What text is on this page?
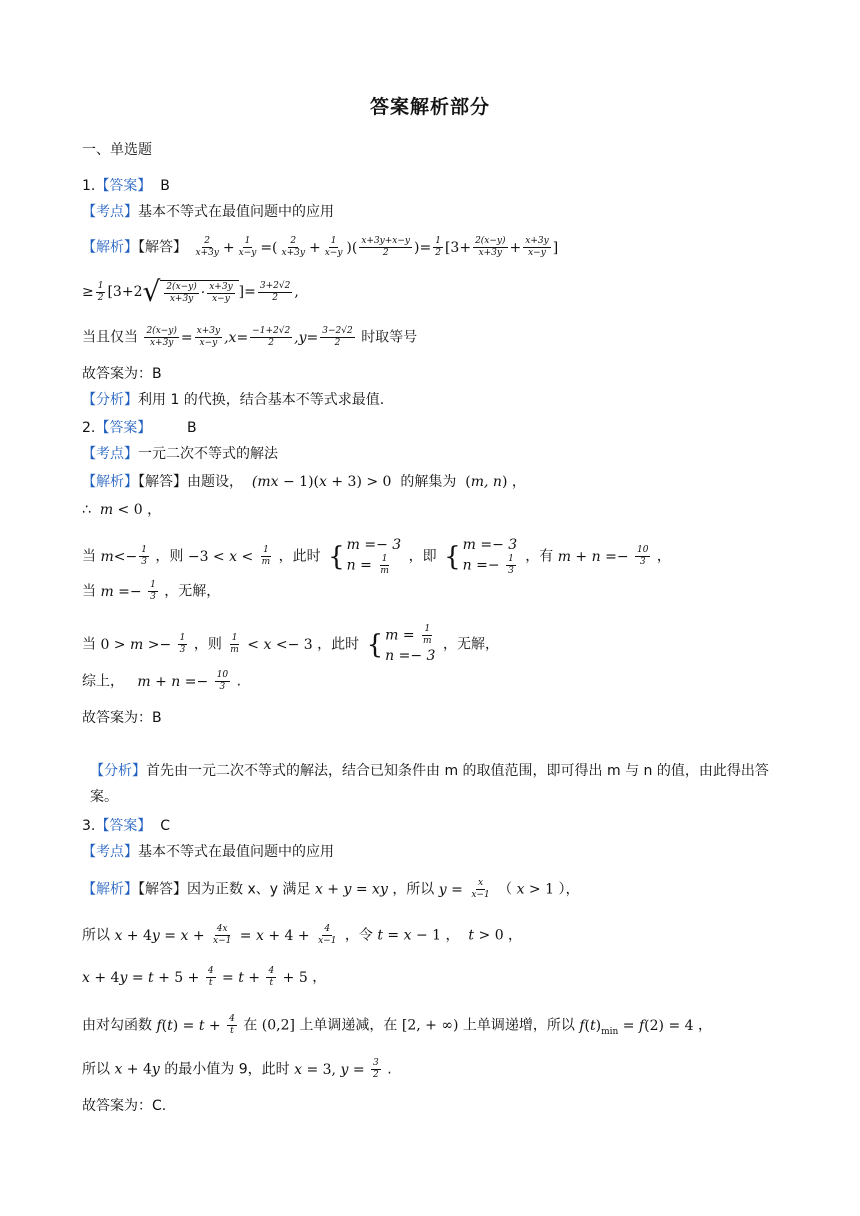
答案解析部分
一、单选题
1.【答案】 B
【考点】基本不等式在最值问题中的应用
【解析】【解答】 $\frac{2}{x+3y} + \frac{1}{x-y}$ =( $\frac{2}{x+3y} + \frac{1}{x-y}$ )( $\frac{x+3y+x-y}{2}$ )= $\frac{1}{2} [3+ \frac{2(x-y)}{x+3y} + \frac{x+3y}{x-y}$ ]
≥ $\frac{1}{2} [3+2$ √ $\frac{2(x-y)}{x+3y} \cdot \frac{x+3y}{x-y}$ ]= $\frac{3+2√2}{2}$ ,
当且仅当 $\frac{2(x-y)}{x+3y} = \frac{x+3y}{x-y} ,x= \frac{-1+2√2}{2} ,y= \frac{3-2√2}{2}$ 时取等号
故答案为：B
【分析】利用 1 的代换，结合基本不等式求最值.
2.【答案】	B
【考点】一元二次不等式的解法
【解析】【解答】由题设， (mx − 1)(x + 3) > 0 的解集为 (m, n) ，
∴ m < 0 ，
当 $m<- \frac{1}{3}$ ，则 $-3 < x < \frac{1}{m}$ ，此时 { m =− 3
$n = \frac{1}{m}$ ，即 { m =− 3
$n =- \frac{1}{3}$ ，有 $m + n =- \frac{10}{3}$ ，
当 $m =- \frac{1}{3}$ ，无解，
当 $0 > m >- \frac{1}{3}$ ，则 $\frac{1}{m} < x <- 3$ ，此时 { $m = \frac{1}{m}$
n =− 3
，无解，
综上， $m + n =- \frac{10}{3}$ .
故答案为：B
【分析】首先由一元二次不等式的解法，结合已知条件由 m 的取值范围，即可得出 m 与 n 的值，由此得出答案。
3.【答案】 C
【考点】基本不等式在最值问题中的应用
【解析】【解答】因为正数 x、y 满足 x + y = xy ，所以 $y = \frac{x}{x-1}$ （ x > 1 ），
所以 $x + 4y = x + \frac{4x}{x-1} = x + 4 + \frac{4}{x-1}$ ，令 t = x − 1 ，  t > 0 ，
$x + 4y = t + 5 + \frac{4}{t} = t + \frac{4}{t} + 5$ ，
由对勾函数 $f(t) = t + \frac{4}{t}$ 在 (0,2] 上单调递减，在 [2, + ∞) 上单调递增，所以 $f(t)_{min} = f(2) = 4$ ，
所以 x + 4y 的最小值为 9，此时 x = 3, $y = \frac{3}{2}$ .
故答案为：C.
